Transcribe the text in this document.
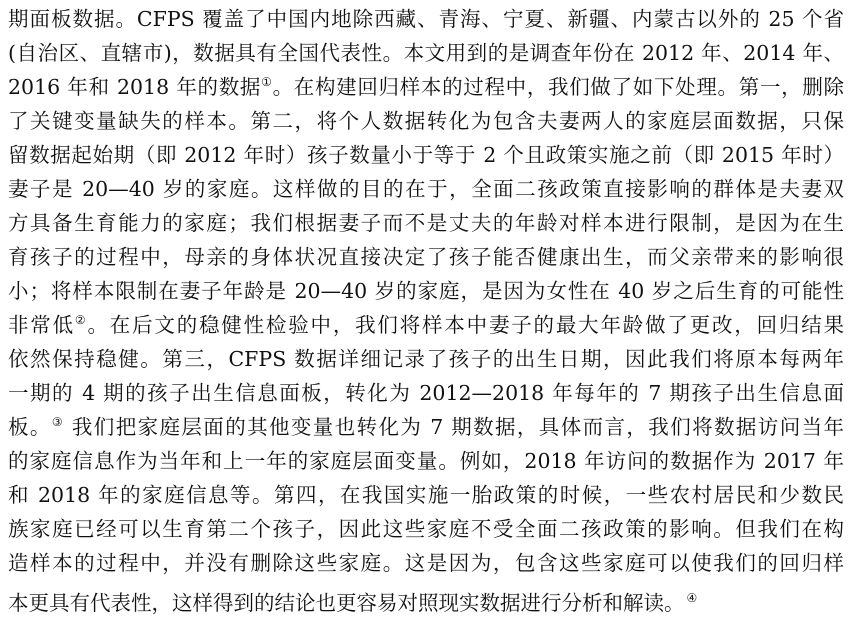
期面板数据。CFPS 覆盖了中国内地除西藏、青海、宁夏、新疆、内蒙古以外的 25 个省
(自治区、直辖市)，数据具有全国代表性。本文用到的是调查年份在 2012 年、2014 年、
2016 年和 2018 年的数据①。在构建回归样本的过程中，我们做了如下处理。第一，删除
了关键变量缺失的样本。第二，将个人数据转化为包含夫妻两人的家庭层面数据，只保
留数据起始期（即 2012 年时）孩子数量小于等于 2 个且政策实施之前（即 2015 年时）
妻子是 20—40 岁的家庭。这样做的目的在于，全面二孩政策直接影响的群体是夫妻双
方具备生育能力的家庭；我们根据妻子而不是丈夫的年龄对样本进行限制，是因为在生
育孩子的过程中，母亲的身体状况直接决定了孩子能否健康出生，而父亲带来的影响很
小；将样本限制在妻子年龄是 20—40 岁的家庭，是因为女性在 40 岁之后生育的可能性
非常低②。在后文的稳健性检验中，我们将样本中妻子的最大年龄做了更改，回归结果
依然保持稳健。第三，CFPS 数据详细记录了孩子的出生日期，因此我们将原本每两年
一期的 4 期的孩子出生信息面板，转化为 2012—2018 年每年的 7 期孩子出生信息面
板。③ 我们把家庭层面的其他变量也转化为 7 期数据，具体而言，我们将数据访问当年
的家庭信息作为当年和上一年的家庭层面变量。例如，2018 年访问的数据作为 2017 年
和 2018 年的家庭信息等。第四，在我国实施一胎政策的时候，一些农村居民和少数民
族家庭已经可以生育第二个孩子，因此这些家庭不受全面二孩政策的影响。但我们在构
造样本的过程中，并没有删除这些家庭。这是因为，包含这些家庭可以使我们的回归样
本更具有代表性，这样得到的结论也更容易对照现实数据进行分析和解读。 ④
